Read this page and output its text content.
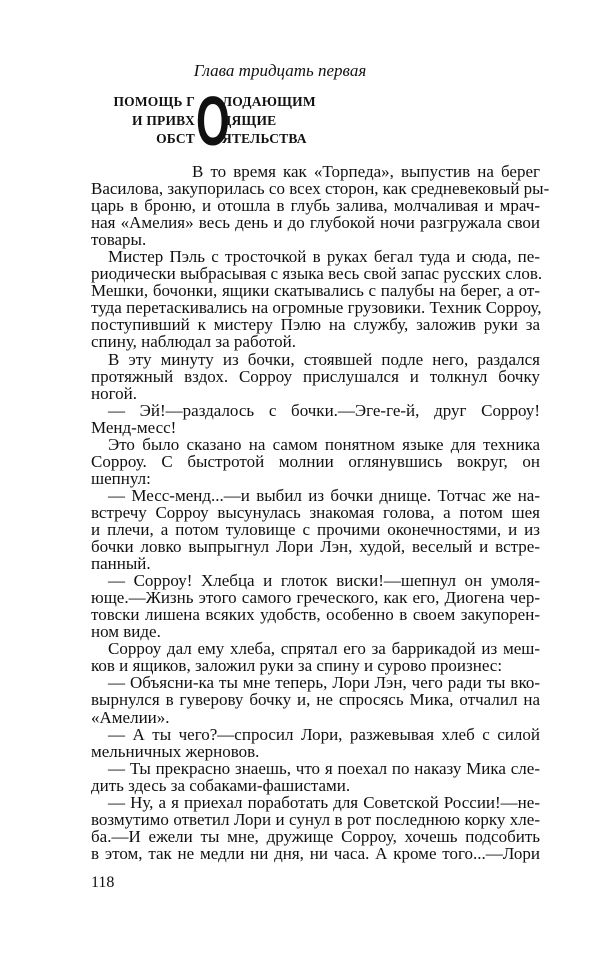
Глава тридцать первая
ПОМОЩЬ Г
И ПРИВХ
ОБСТ О
ЛОДАЮЩИМ
ДЯЩИЕ
ЯТЕЛЬСТВА
В то время как «Торпеда», выпустив на берег
Василова, закупорилась со всех сторон, как средневековый ры-
царь в броню, и отошла в глубь залива, молчаливая и мрач-
ная «Амелия» весь день и до глубокой ночи разгружала свои
товары.
Мистер Пэль с тросточкой в руках бегал туда и сюда, пе-
риодически выбрасывая с языка весь свой запас русских слов.
Мешки, бочонки, ящики скатывались с палубы на берег, а от-
туда перетаскивались на огромные грузовики. Техник Сорроу,
поступивший к мистеру Пэлю на службу, заложив руки за
спину, наблюдал за работой.
В эту минуту из бочки, стоявшей подле него, раздался
протяжный вздох. Сорроу прислушался и толкнул бочку
ногой.
— Эй!—раздалось с бочки.—Эге-ге-й, друг Сорроу!
Менд-месс!
Это было сказано на самом понятном языке для техника
Сорроу. С быстротой молнии оглянувшись вокруг, он
шепнул:
— Месс-менд...—и выбил из бочки днище. Тотчас же на-
встречу Сорроу высунулась знакомая голова, а потом шея
и плечи, а потом туловище с прочими оконечностями, и из
бочки ловко выпрыгнул Лори Лэн, худой, веселый и встре-
панный.
— Сорроу! Хлебца и глоток виски!—шепнул он умоля-
юще.—Жизнь этого самого греческого, как его, Диогена чер-
товски лишена всяких удобств, особенно в своем закупорен-
ном виде.
Сорроу дал ему хлеба, спрятал его за баррикадой из меш-
ков и ящиков, заложил руки за спину и сурово произнес:
— Объясни-ка ты мне теперь, Лори Лэн, чего ради ты вко-
вырнулся в гуверову бочку и, не спросясь Мика, отчалил на
«Амелии».
— А ты чего?—спросил Лори, разжевывая хлеб с силой
мельничных жерновов.
— Ты прекрасно знаешь, что я поехал по наказу Мика сле-
дить здесь за собаками-фашистами.
— Ну, а я приехал поработать для Советской России!—не-
возмутимо ответил Лори и сунул в рот последнюю корку хле-
ба.—И ежели ты мне, дружище Сорроу, хочешь подсобить
в этом, так не медли ни дня, ни часа. А кроме того...—Лори
118
